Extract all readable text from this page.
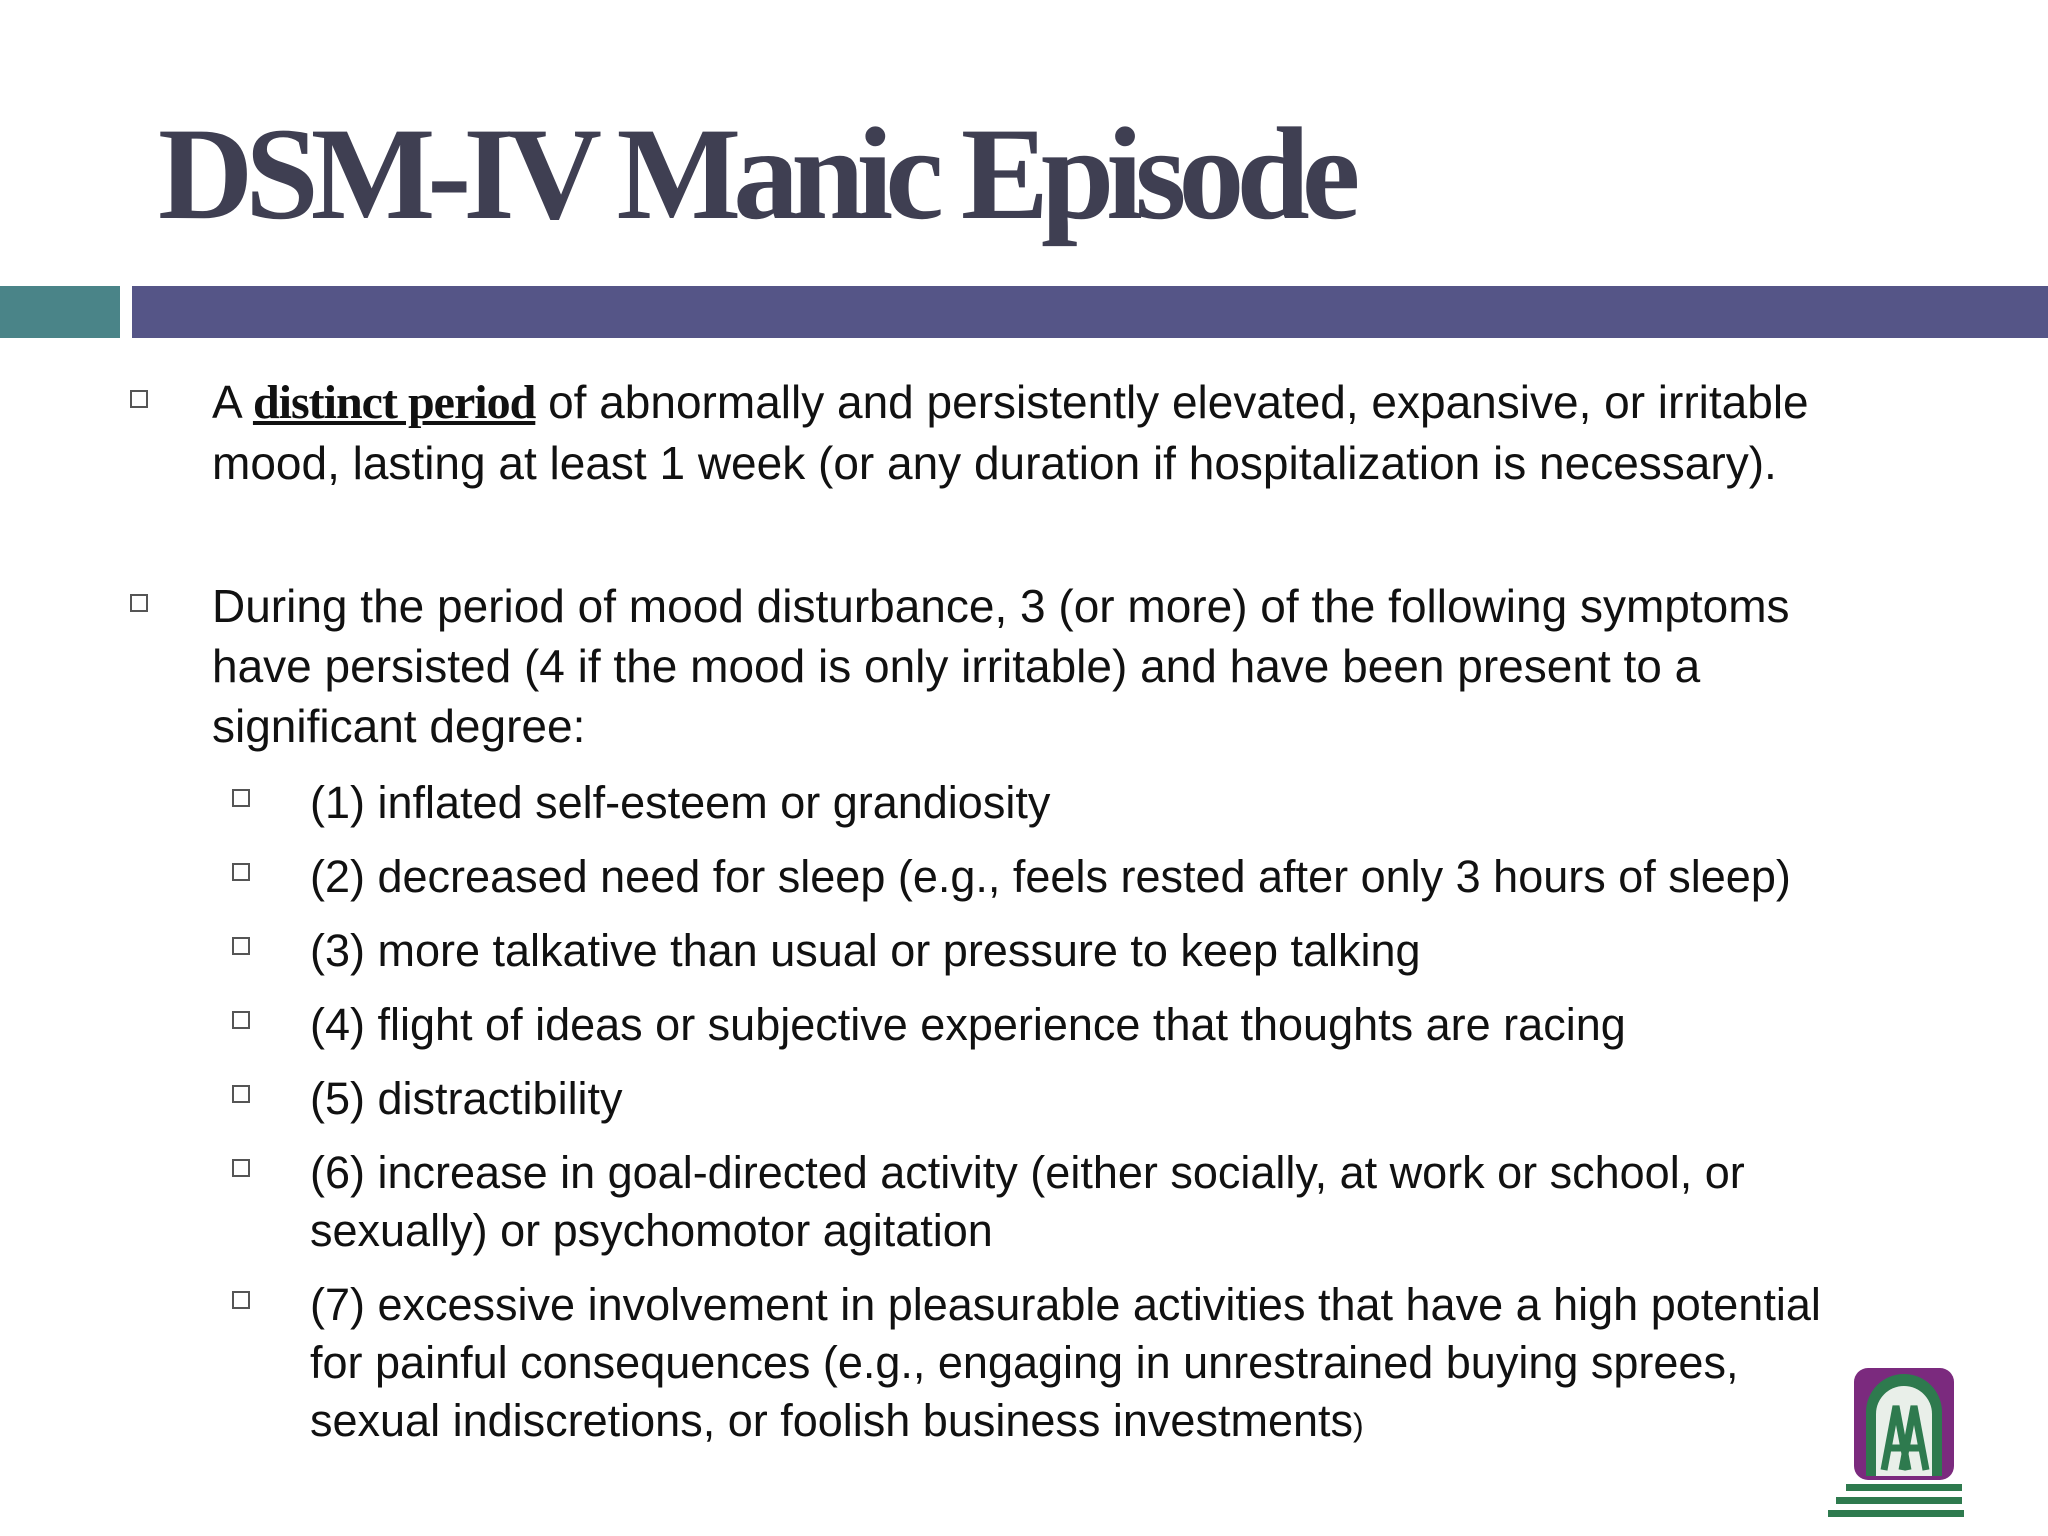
DSM-IV Manic Episode
A distinct period of abnormally and persistently elevated, expansive, or irritable mood, lasting at least 1 week (or any duration if hospitalization is necessary).
During the period of mood disturbance, 3 (or more) of the following symptoms have persisted (4 if the mood is only irritable) and have been present to a significant degree:
(1) inflated self-esteem or grandiosity
(2) decreased need for sleep (e.g., feels rested after only 3 hours of sleep)
(3) more talkative than usual or pressure to keep talking
(4) flight of ideas or subjective experience that thoughts are racing
(5) distractibility
(6) increase in goal-directed activity (either socially, at work or school, or sexually) or psychomotor agitation
(7) excessive involvement in pleasurable activities that have a high potential for painful consequences (e.g., engaging in unrestrained buying sprees, sexual indiscretions, or foolish business investments)
